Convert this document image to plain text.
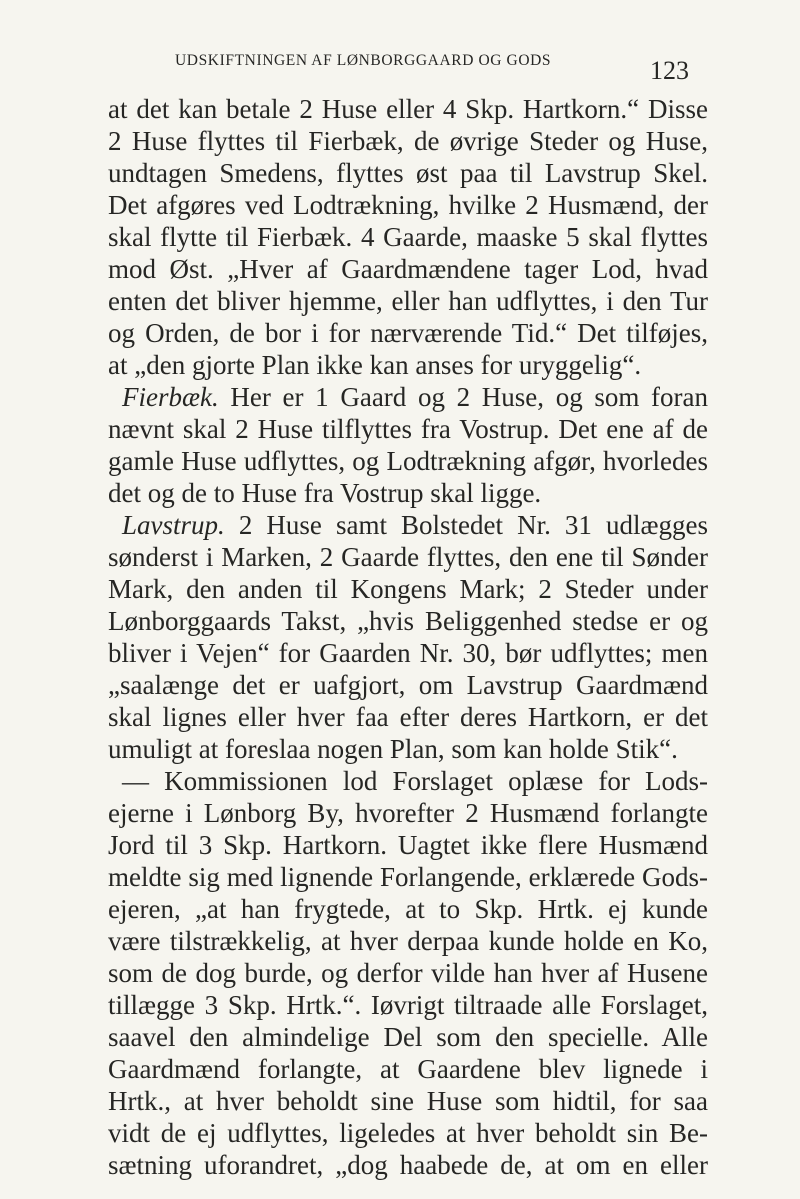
UDSKIFTNINGEN AF LØNBORGGAARD OG GODS	123
at det kan betale 2 Huse eller 4 Skp. Hartkorn.“ Disse
2 Huse flyttes til Fierbæk, de øvrige Steder og Huse,
undtagen Smedens, flyttes øst paa til Lavstrup Skel.
Det afgøres ved Lodtrækning, hvilke 2 Husmænd, der
skal flytte til Fierbæk. 4 Gaarde, maaske 5 skal flyttes
mod Øst. „Hver af Gaardmændene tager Lod, hvad
enten det bliver hjemme, eller han udflyttes, i den Tur
og Orden, de bor i for nærværende Tid.“ Det tilføjes,
at „den gjorte Plan ikke kan anses for uryggelig“.
Fierbæk. Her er 1 Gaard og 2 Huse, og som foran
nævnt skal 2 Huse tilflyttes fra Vostrup. Det ene af de
gamle Huse udflyttes, og Lodtrækning afgør, hvorledes
det og de to Huse fra Vostrup skal ligge.
Lavstrup. 2 Huse samt Bolstedet Nr. 31 udlægges
sønderst i Marken, 2 Gaarde flyttes, den ene til Sønder
Mark, den anden til Kongens Mark; 2 Steder under
Lønborggaards Takst, „hvis Beliggenhed stedse er og
bliver i Vejen“ for Gaarden Nr. 30, bør udflyttes; men
„saalænge det er uafgjort, om Lavstrup Gaardmænd
skal lignes eller hver faa efter deres Hartkorn, er det
umuligt at foreslaa nogen Plan, som kan holde Stik“.
— Kommissionen lod Forslaget oplæse for Lods-
ejerne i Lønborg By, hvorefter 2 Husmænd forlangte
Jord til 3 Skp. Hartkorn. Uagtet ikke flere Husmænd
meldte sig med lignende Forlangende, erklærede Gods-
ejeren, „at han frygtede, at to Skp. Hrtk. ej kunde
være tilstrækkelig, at hver derpaa kunde holde en Ko,
som de dog burde, og derfor vilde han hver af Husene
tillægge 3 Skp. Hrtk.“. Iøvrigt tiltraade alle Forslaget,
saavel den almindelige Del som den specielle. Alle
Gaardmænd forlangte, at Gaardene blev lignede i
Hrtk., at hver beholdt sine Huse som hidtil, for saa
vidt de ej udflyttes, ligeledes at hver beholdt sin Be-
sætning uforandret, „dog haabede de, at om en eller
